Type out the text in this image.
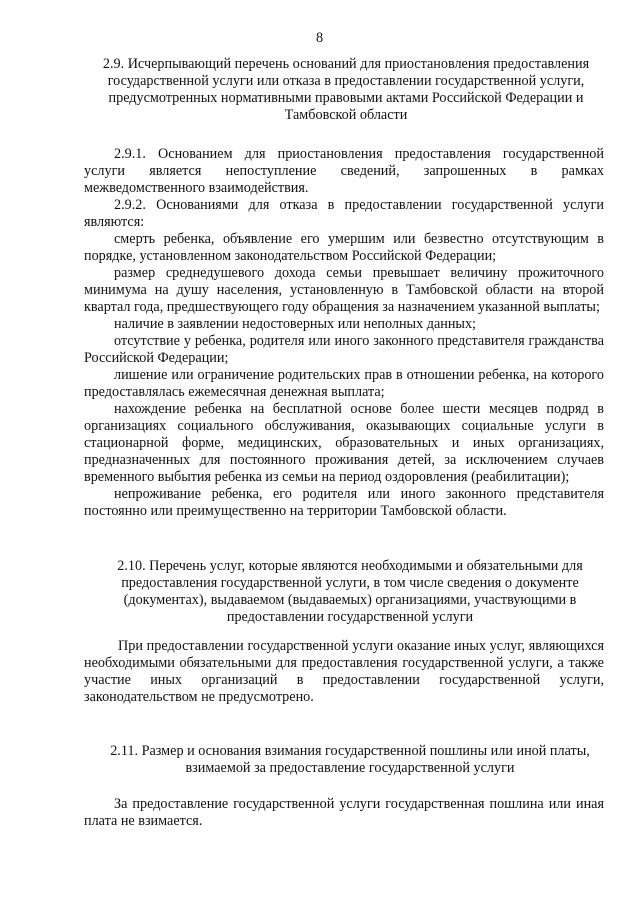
8

2.9. Исчерпывающий перечень оснований для приостановления предоставления государственной услуги или отказа в предоставлении государственной услуги, предусмотренных нормативными правовыми актами Российской Федерации и Тамбовской области

2.9.1. Основанием для приостановления предоставления государственной услуги является непоступление сведений, запрошенных в рамках межведомственного взаимодействия.

2.9.2. Основаниями для отказа в предоставлении государственной услуги являются:

смерть ребенка, объявление его умершим или безвестно отсутствующим в порядке, установленном законодательством Российской Федерации;

размер среднедушевого дохода семьи превышает величину прожиточного минимума на душу населения, установленную в Тамбовской области на второй квартал года, предшествующего году обращения за назначением указанной выплаты;

наличие в заявлении недостоверных или неполных данных;

отсутствие у ребенка, родителя или иного законного представителя гражданства Российской Федерации;

лишение или ограничение родительских прав в отношении ребенка, на которого предоставлялась ежемесячная денежная выплата;

нахождение ребенка на бесплатной основе более шести месяцев подряд в организациях социального обслуживания, оказывающих социальные услуги в стационарной форме, медицинских, образовательных и иных организациях, предназначенных для постоянного проживания детей, за исключением случаев временного выбытия ребенка из семьи на период оздоровления (реабилитации);

непроживание ребенка, его родителя или иного законного представителя постоянно или преимущественно на территории Тамбовской области.

2.10. Перечень услуг, которые являются необходимыми и обязательными для предоставления государственной услуги, в том числе сведения о документе (документах), выдаваемом (выдаваемых) организациями, участвующими в предоставлении государственной услуги

При предоставлении государственной услуги оказание иных услуг, являющихся необходимыми обязательными для предоставления государственной услуги, а также участие иных организаций в предоставлении государственной услуги, законодательством не предусмотрено.

2.11. Размер и основания взимания государственной пошлины или иной платы, взимаемой за предоставление государственной услуги

За предоставление государственной услуги государственная пошлина или иная плата не взимается.
